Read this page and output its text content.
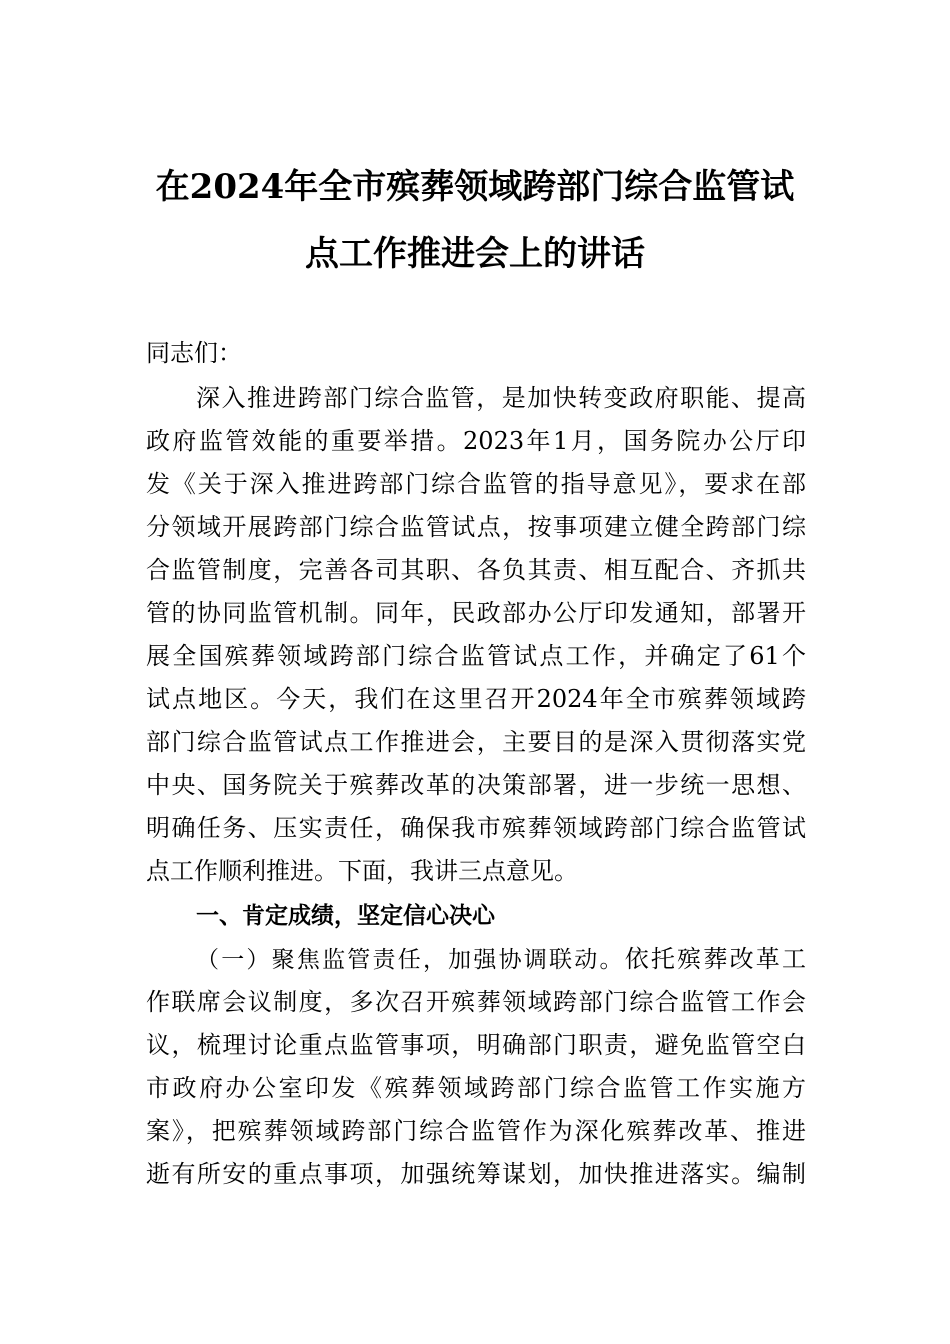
在2024年全市殡葬领域跨部门综合监管试
点工作推进会上的讲话
同志们：
深入推进跨部门综合监管，是加快转变政府职能、提高
政府监管效能的重要举措。2023年1月，国务院办公厅印
发《关于深入推进跨部门综合监管的指导意见》，要求在部
分领域开展跨部门综合监管试点，按事项建立健全跨部门综
合监管制度，完善各司其职、各负其责、相互配合、齐抓共
管的协同监管机制。同年，民政部办公厅印发通知，部署开
展全国殡葬领域跨部门综合监管试点工作，并确定了61个
试点地区。今天，我们在这里召开2024年全市殡葬领域跨
部门综合监管试点工作推进会，主要目的是深入贯彻落实党
中央、国务院关于殡葬改革的决策部署，进一步统一思想、
明确任务、压实责任，确保我市殡葬领域跨部门综合监管试
点工作顺利推进。下面，我讲三点意见。
一、肯定成绩，坚定信心决心
（一）聚焦监管责任，加强协调联动。依托殡葬改革工
作联席会议制度，多次召开殡葬领域跨部门综合监管工作会
议，梳理讨论重点监管事项，明确部门职责，避免监管空白
市政府办公室印发《殡葬领域跨部门综合监管工作实施方
案》，把殡葬领域跨部门综合监管作为深化殡葬改革、推进
逝有所安的重点事项，加强统筹谋划，加快推进落实。编制
